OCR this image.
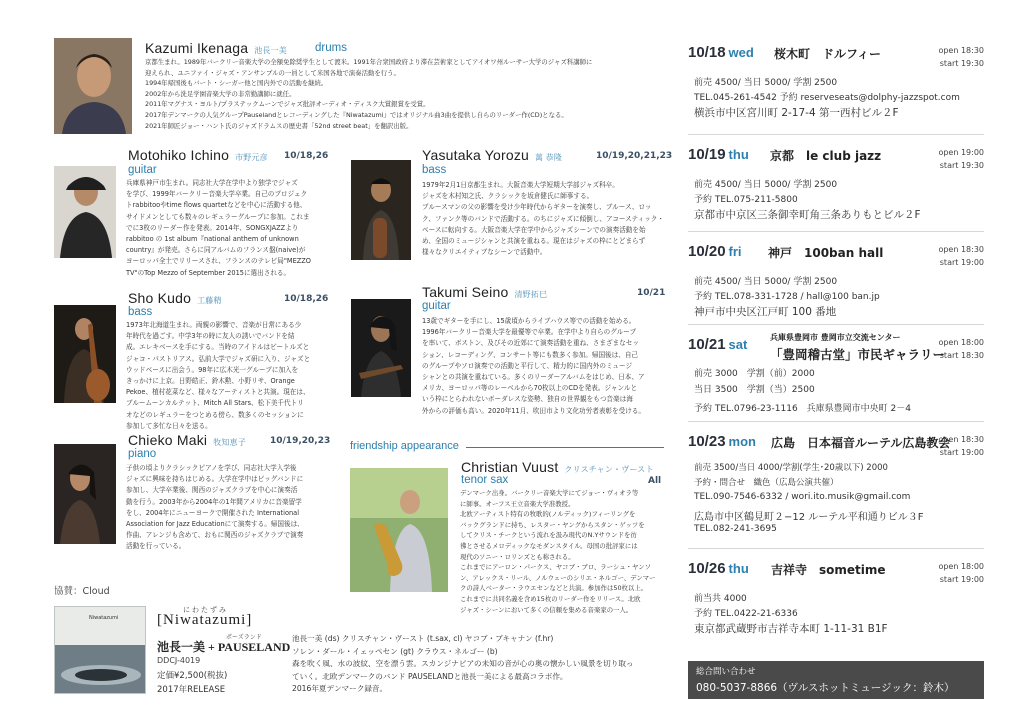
Kazumi Ikenaga 池長一美 drums

京都生まれ。1989年バークリー音楽大学の全額免除奨学生として渡米。1991年合衆国政府より滞在芸術家としてアイオワ州ルーサー大学のジャズ科講師に

迎えられ、ユニファイ・ジャズ・アンサンブルの一員として米国各地で演奏活動を行う。

1994年帰国後もバート・シーガー他と国内外での活動を継続。

2002年から洗足学園音楽大学の非常勤講師に就任。

2011年マグナス・ヨルト/プラステックムーンでジャズ批評オーディオ・ディスク大賞銀賞を受賞。

2017年デンマークの人気グループPauselandとレコーディングした『Niwatazumi』ではオリジナル曲3曲を提供し自らのリーダー作(CD)となる。

2021年師匠ジョー・ハント氏のジャズドラムスの歴史書「52nd street beat」を翻訳出版。

Motohiko Ichino 市野元彦 10/18,26
guitar

兵庫県神戸市生まれ。同志社大学在学中より独学でジャズ

を学び、1999年バークリー音楽大学卒業。自己のプロジェク

トrabbitooやtime flows quartetなどを中心に活動する他、

サイドメンとしても数々のレギュラーグループに参加。これま

でに3枚のリーダー作を発表。2014年、SONGXJAZZより

rabbitoo の 1st album『national anthem of unknown

country』が発売。さらに同アルバムのフランス盤(naive)が

ヨーロッパ全土でリリースされ、フランスのテレビ局"MEZZO

TV"のTop Mezzo of September 2015に選出される。

Yasutaka Yorozu 萬 恭隆	10/19,20,21,23
bass

1979年2月1日京都生まれ。大阪音楽大学短期大学部ジャズ科卒。

ジャズを木村知之氏、クラシックを坂倉健氏に師事する。

ブルースマンの父の影響を受け少年時代からギターを演奏し、ブルース、ロッ

ク、ファンク等のバンドで活動する。のちにジャズに傾倒し、アコースティック・

ベースに転向する。大阪音楽大学在学中からジャズシーンでの演奏活動を始

め、全国のミュージシャンと共演を重ねる。現在はジャズの枠にとどまらず

様々なクリエイティブなシーンで活動中。

Sho Kudo 工藤精	10/18,26
bass

1973年北海道生まれ。両親の影響で、音楽が日常にある少

年時代を過ごす。中学3年の時に友人の誘いでバンドを結

成。エレキベースを手にする。当時のアイドルはビートルズと

ジャコ・パストリアス。弘前大学でジャズ研に入り、ジャズと

ウッドベースに出会う。98年に広木光一グループに加入を

きっかけに上京。日野皓正、鈴木勲、小野リサ、Orange

Pekoe、植村花菜など、様々なアーティストと共演。現在は、

ブルームーンカルテット、Mitch All Stars、松下美千代トリ

オなどのレギュラーをつとめる傍ら、数多くのセッションに

参加して多忙な日々を送る。

Takumi Seino 清野拓巳	10/21
guitar

13歳でギターを手にし、15歳頃からライブハウス等での活動を始める。

1996年バークリー音楽大学を最優等で卒業。在学中より自らのグループ

を率いて、ボストン、及びその近郊にて演奏活動を重ね、さまざまなセッ

ション、レコーディング、コンサート等にも数多く参加。帰国後は、自己

のグループやソロ演奏での活動と平行して、精力的に国内外のミュージ

シャンとの共演を重ねている。多くのリーダーアルバムをはじめ、日本、ア

メリカ、ヨーロッパ等のレーベルから70枚以上のCDを発表。ジャンルと

いう枠にとらわれないボーダレスな姿勢、独自の世界観をもつ音楽は海

外からの評価も高い。2020年11月、吹田市より文化功労者表彰を受ける。

Chieko Maki 牧知恵子	10/19,20,23
piano

子供の頃よりクラシックピアノを学び、同志社大学入学後

ジャズに興味を持ちはじめる。大学在学中はビッグバンドに

参加し、大学卒業後、関西のジャズクラブを中心に演奏活

動を行う。2003年から2004年の1年間アメリカに音楽留学

をし、2004年にニューヨークで開催された International

Association for Jazz Educationにて演奏する。帰国後は、

作曲、アレンジも含めて、おもに関西のジャズクラブで演奏

活動を行っている。

friendship appearance
Christian Vuust クリスチャン・ヴースト
All
tenor sax

デンマーク出身。バークリー音楽大学にてジョー・ヴィオラ等

に師事。オーフス王立音楽大学准教授。

北欧アーティスト特有の牧歌的(ノルディック)フィーリングを

バックグランドに持ち、レスター・ヤングからスタン・ゲッツを

してクリス・チークという流れを汲み現代のN.Yサウンドを彷

彿とさせるメロディックなモダンスタイル。母国の批評家には

現代のソニー・ロリンズとも称される。

これまでにアーロン・パークス、ヤコブ・ブロ、ラーシュ・ヤンソ

ン、アレックス・リール、ノルウェーのシリエ・ネルゴー、デンマー

クの詩人ベーター・ラウエセンなどと共演。参加作は50枚以上。

これまでに共同名義を含め15枚のリーダー作をリリース。北欧

ジャズ・シーンにおいて多くの信頼を集める音楽家の一人。

協賛：Cloud
Niwatazumi
にわたずみ
[Niwatazumi]
ポーズランド
池長一美 + PAUSELAND
DDCJ-4019
定価¥2,500(税抜)
2017年RELEASE

池長一美 (ds) クリスチャン・ヴースト (t.sax, cl) ヤコブ・ブキャナン (f.hr)

ソレン・ダール・イェッペセン (gt) クラウス・ネルゴー (b)

森を吹く風、水の波紋、空を漂う雲。スカンジナビアの未知の音が心の奥の懐かしい風景を切り取っ

ていく。北欧デンマークのバンド PAUSELANDと池長一美による最高コラボ作。

2016年夏デンマーク録音。

10/18 wed 桜木町　ドルフィー	open 18:30
start 19:30
前売 4500/ 当日 5000/ 学割 2500
TEL.045-261-4542 予約 reserveseats@dolphy-jazzspot.com
横浜市中区宮川町 2-17-4 第一西村ビル２F
10/19 thu 京都　le club jazz	open 19:00
start 19:30
前売 4500/ 当日 5000/ 学割 2500
予約 TEL.075-211-5800
京都市中京区三条御幸町角三条ありもとビル２F
10/20 fri 神戸　100ban hall	open 18:30
start 19:00
前売 4500/ 当日 5000/ 学割 2500
予約 TEL.078-331-1728 / hall@100 ban.jp
神戸市中央区江戸町 100 番地
10/21 sat	兵庫県豊岡市 豊岡市立交流センター
「豊岡稽古堂」市民ギャラリー
open 18:00
start 18:30
前売 3000　学割（前）2000
当日 3500　学割（当）2500
予約 TEL.0796-23-1116　兵庫県豊岡市中央町 2－4
10/23 mon 広島　日本福音ルーテル広島教会
open 18:30
start 19:00
前売 3500/当日 4000/学割(学生･20歳以下) 2000
予約・問合せ　織色（広島公演共催）
TEL.090-7546-6332 / wori.ito.musik@gmail.com
広島市中区鶴見町２−12 ルーテル平和通りビル３F
TEL.082-241-3695
10/26 thu 吉祥寺　sometime	open 18:00
start 19:00
前当共 4000
予約 TEL.0422-21-6336
東京都武蔵野市吉祥寺本町 1-11-31 B1F
総合問い合わせ
080-5037-8866（ヴルスホットミュージック：鈴木）
